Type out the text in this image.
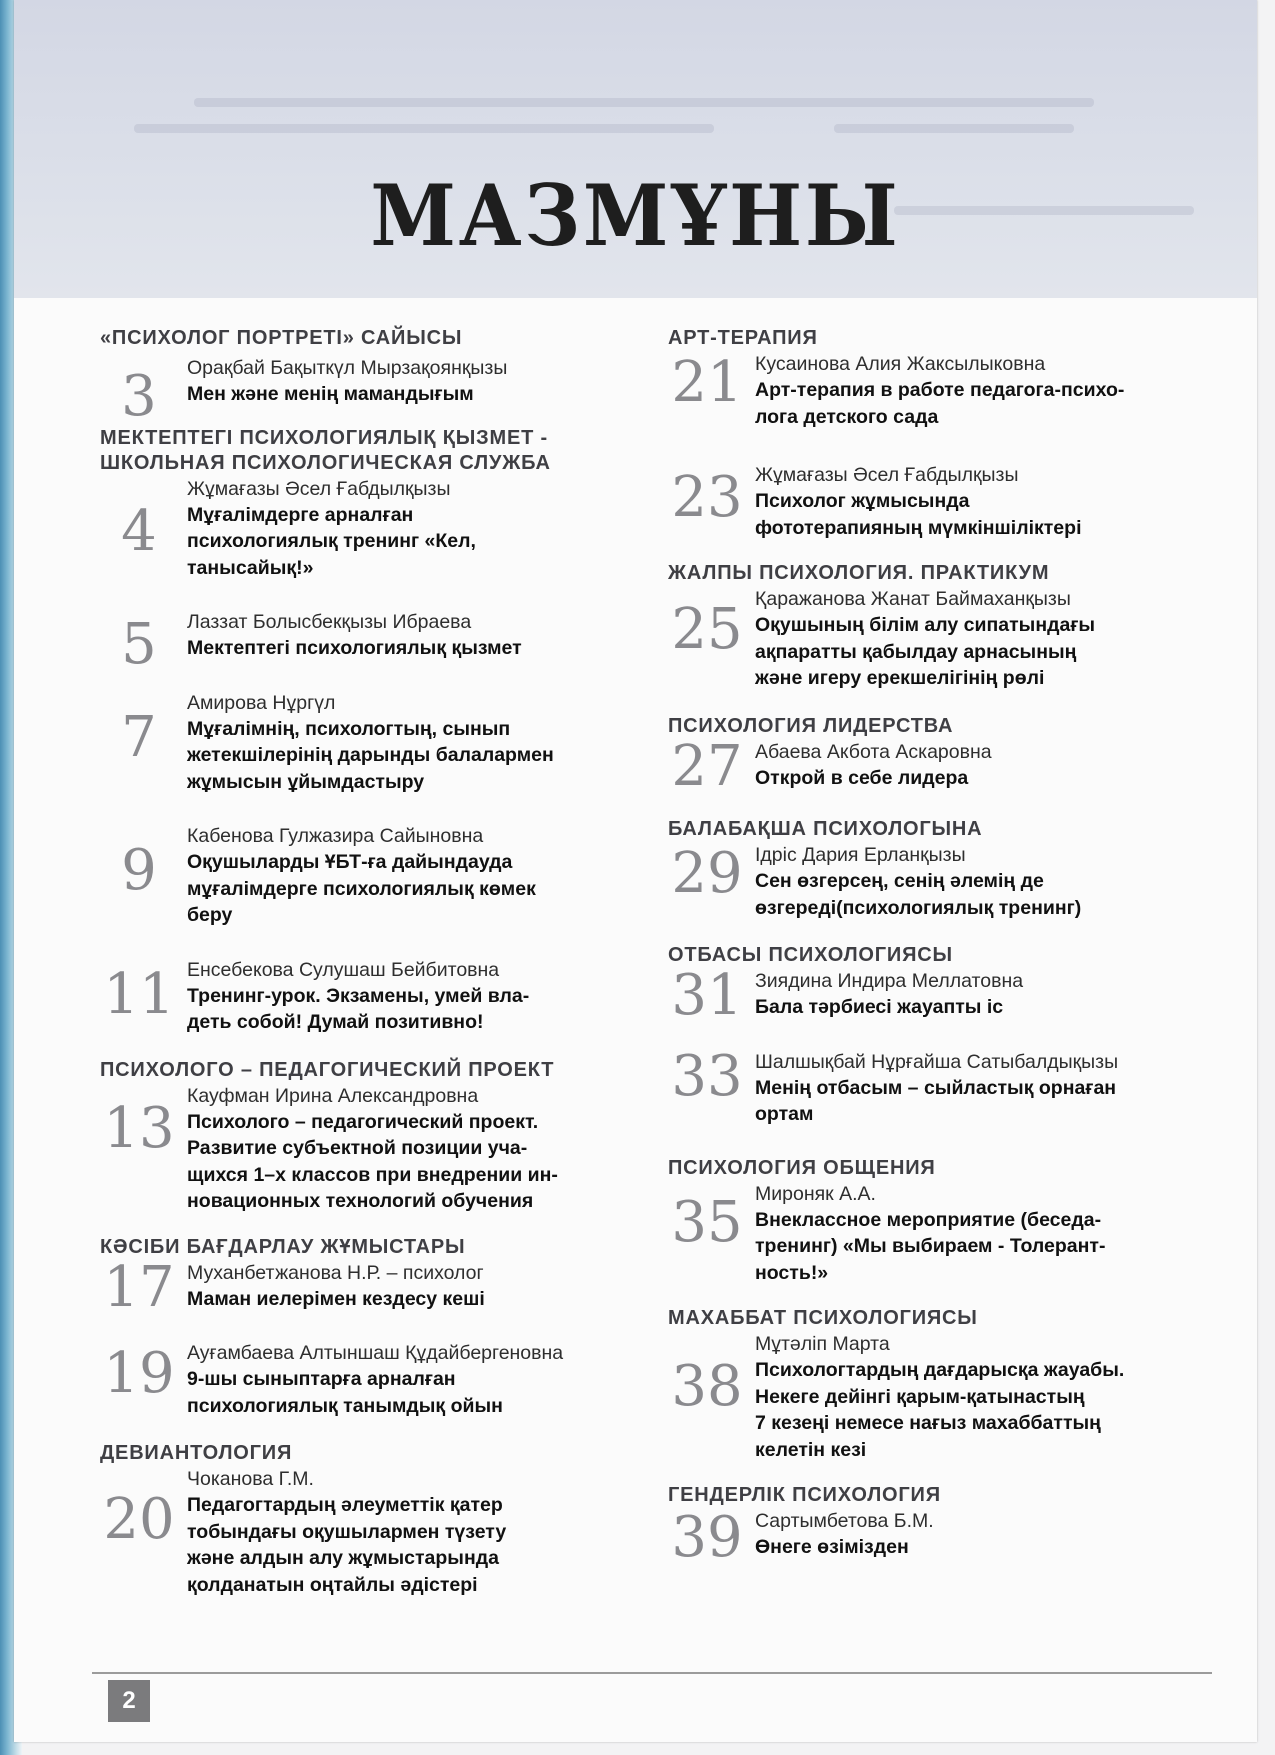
МАЗМҰНЫ
«ПСИХОЛОГ ПОРТРЕТІ» САЙЫСЫ
3	Орақбай Бақыткүл Мырзақоянқызы
Мен және менің мамандығым
МЕКТЕПТЕГІ ПСИХОЛОГИЯЛЫҚ ҚЫЗМЕТ -
ШКОЛЬНАЯ ПСИХОЛОГИЧЕСКАЯ СЛУЖБА
4
Жұмағазы Әсел Ғабдылқызы
Мұғалімдерге арналған
психологиялық тренинг «Кел,
танысайық!»
5	Лаззат Болысбекқызы Ибраева
Мектептегі психологиялық қызмет
7
Амирова Нұргүл
Мұғалімнің, психологтың, сынып
жетекшілерінің дарынды балалармен
жұмысын ұйымдастыру
9
Кабенова Гулжазира Сайыновна
Оқушыларды ҰБТ-ға дайындауда
мұғалімдерге психологиялық көмек
беру
11 Енсебекова Сулушаш Бейбитовна
Тренинг-урок. Экзамены, умей вла-
деть собой! Думай позитивно!
ПСИХОЛОГО – ПЕДАГОГИЧЕСКИЙ ПРОЕКТ
13 Кауфман Ирина Александровна
Психолого – педагогический проект.
Развитие субъектной позиции уча-
щихся 1–х классов при внедрении ин-
новационных технологий обучения
КӘСІБИ БАҒДАРЛАУ ЖҰМЫСТАРЫ
17 Муханбетжанова Н.Р. – психолог
Маман иелерімен кездесу кеші
19 Ауғамбаева Алтыншаш Құдайбергеновна
9-шы сыныптарға арналған
психологиялық танымдық ойын
ДЕВИАНТОЛОГИЯ
20
Чоканова Г.М.
Педагогтардың әлеуметтік қатер
тобындағы оқушылармен түзету
және алдын алу жұмыстарында
қолданатын оңтайлы әдістері
АРТ-ТЕРАПИЯ
21 Кусаинова Алия Жаксылыковна
Арт-терапия в работе педагога-психо-
лога детского сада
23 Жұмағазы Әсел Ғабдылқызы
Психолог жұмысында
фототерапияның мүмкіншіліктері
ЖАЛПЫ ПСИХОЛОГИЯ. ПРАКТИКУМ
25 Қаражанова Жанат Баймаханқызы
Оқушының білім алу сипатындағы
ақпаратты қабылдау арнасының
және игеру ерекшелігінің рөлі
ПСИХОЛОГИЯ ЛИДЕРСТВА
27 Абаева Акбота Аскаровна
Открой в себе лидера
БАЛАБАҚША ПСИХОЛОГЫНА
29 Ідріс Дария Ерланқызы
Сен өзгерсең, сенің әлемің де
өзгереді(психологиялық тренинг)
ОТБАСЫ ПСИХОЛОГИЯСЫ
31 Зиядина Индира Меллатовна
Бала тәрбиесі жауапты іс
33 Шалшықбай Нұрғайша Сатыбалдықызы
Менің отбасым – сыйластық орнаған
ортам
ПСИХОЛОГИЯ ОБЩЕНИЯ
35 Мироняк А.А.
Внеклассное мероприятие (беседа-
тренинг) «Мы выбираем - Толерант-
ность!»
МАХАББАТ ПСИХОЛОГИЯСЫ
38
Мұтәліп Марта
Психологтардың дағдарысқа жауабы.
Некеге дейінгі қарым-қатынастың
7 кезеңі немесе нағыз махаббаттың
келетін кезі
ГЕНДЕРЛІК ПСИХОЛОГИЯ
39 Сартымбетова Б.М.
Өнеге өзімізден
2
